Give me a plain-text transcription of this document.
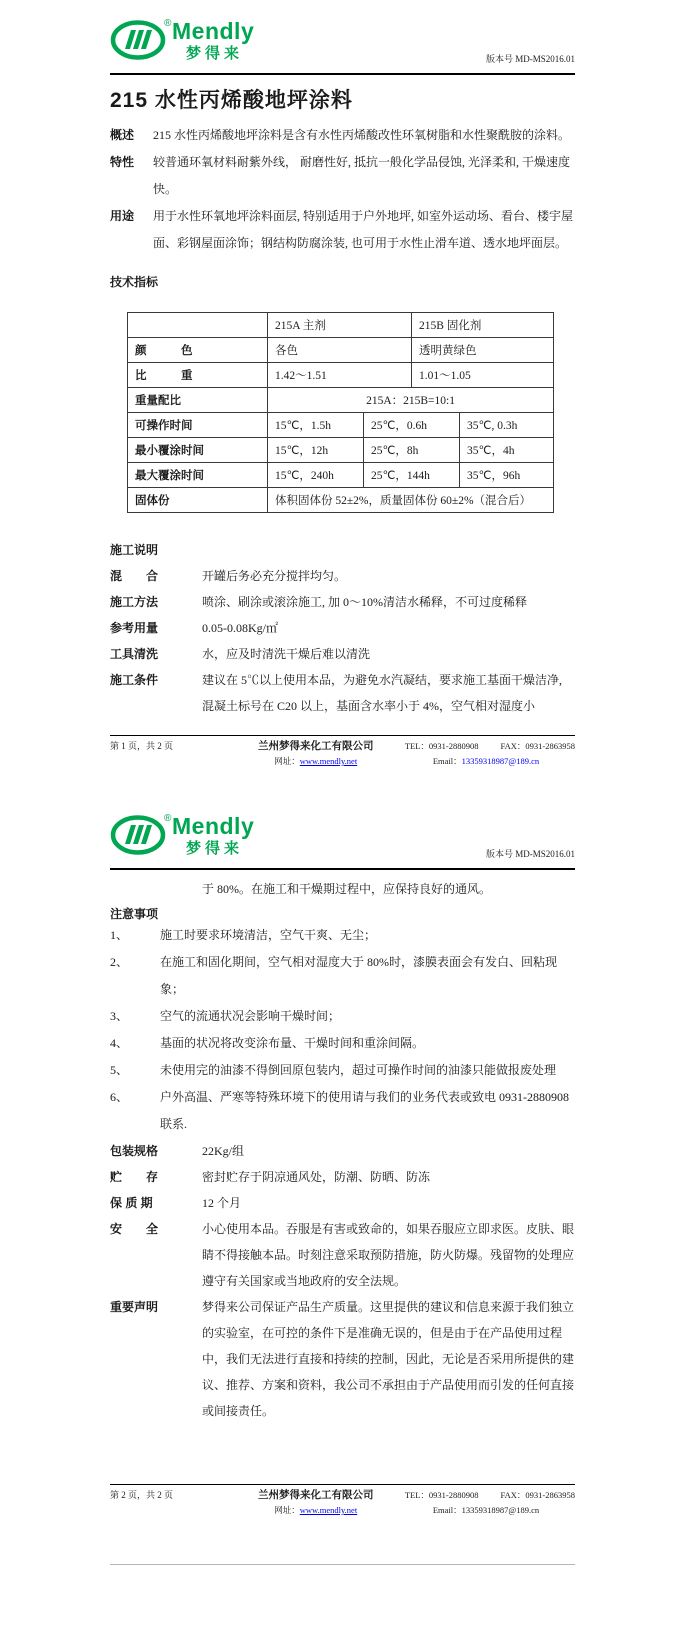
® Mendly
梦得来	版本号 MD-MS2016.01
215 水性丙烯酸地坪涂料
概述	215 水性丙烯酸地坪涂料是含有水性丙烯酸改性环氧树脂和水性聚酰胺的涂料。
特性	较普通环氧材料耐紫外线， 耐磨性好, 抵抗一般化学品侵蚀, 光泽柔和, 干燥速度快。
用途	用于水性环氧地坪涂料面层, 特别适用于户外地坪, 如室外运动场、看台、楼宇屋面、彩钢屋面涂饰；钢结构防腐涂装, 也可用于水性止滑车道、透水地坪面层。
技术指标
	215A 主剂		215B 固化剂	
颜　　　色	各色		透明黄绿色	
比　　　重	1.42～1.51		1.01～1.05	
重量配比	215A：215B=10:1			
可操作时间	15℃，1.5h	25℃，0.6h		35℃, 0.3h
最小覆涂时间	15℃，12h	25℃，8h		35℃，4h
最大覆涂时间	15℃，240h	25℃，144h		35℃，96h
固体份	体积固体份 52±2%，质量固体份 60±2%（混合后）			
施工说明
混　　合	开罐后务必充分搅拌均匀。
施工方法	喷涂、刷涂或滚涂施工, 加 0～10%清洁水稀释，不可过度稀释
参考用量	0.05-0.08Kg/㎡
工具清洗	水，应及时清洗干燥后难以清洗
施工条件	建议在 5℃以上使用本品，为避免水汽凝结，要求施工基面干燥洁净, 混凝土标号在 C20 以上，基面含水率小于 4%，空气相对湿度小
第 1 页，共 2 页	兰州梦得来化工有限公司
网址：www.mendly.net
TEL：0931-2880908	FAX：0931-2863958
Email：13359318987@189.cn
® Mendly
梦得来	版本号 MD-MS2016.01
于 80%。在施工和干燥期过程中，应保持良好的通风。
注意事项
1、	施工时要求环境清洁，空气干爽、无尘；
2、	在施工和固化期间，空气相对湿度大于 80%时，漆膜表面会有发白、回粘现象；
3、	空气的流通状况会影响干燥时间；
4、	基面的状况将改变涂布量、干燥时间和重涂间隔。
5、	未使用完的油漆不得倒回原包装内，超过可操作时间的油漆只能做报废处理
6、	户外高温、严寒等特殊环境下的使用请与我们的业务代表或致电 0931-2880908 联系.
包装规格	22Kg/组
贮　　存	密封贮存于阴凉通风处，防潮、防晒、防冻
保 质 期	12 个月
安　　全	小心使用本品。吞服是有害或致命的，如果吞服应立即求医。皮肤、眼睛不得接触本品。时刻注意采取预防措施，防火防爆。残留物的处理应遵守有关国家或当地政府的安全法规。
重要声明	梦得来公司保证产品生产质量。这里提供的建议和信息来源于我们独立的实验室，在可控的条件下是准确无误的，但是由于在产品使用过程中，我们无法进行直接和持续的控制，因此，无论是否采用所提供的建议、推荐、方案和资料，我公司不承担由于产品使用而引发的任何直接或间接责任。
第 2 页，共 2 页	兰州梦得来化工有限公司
网址：www.mendly.net
TEL：0931-2880908	FAX：0931-2863958
Email：13359318987@189.cn
